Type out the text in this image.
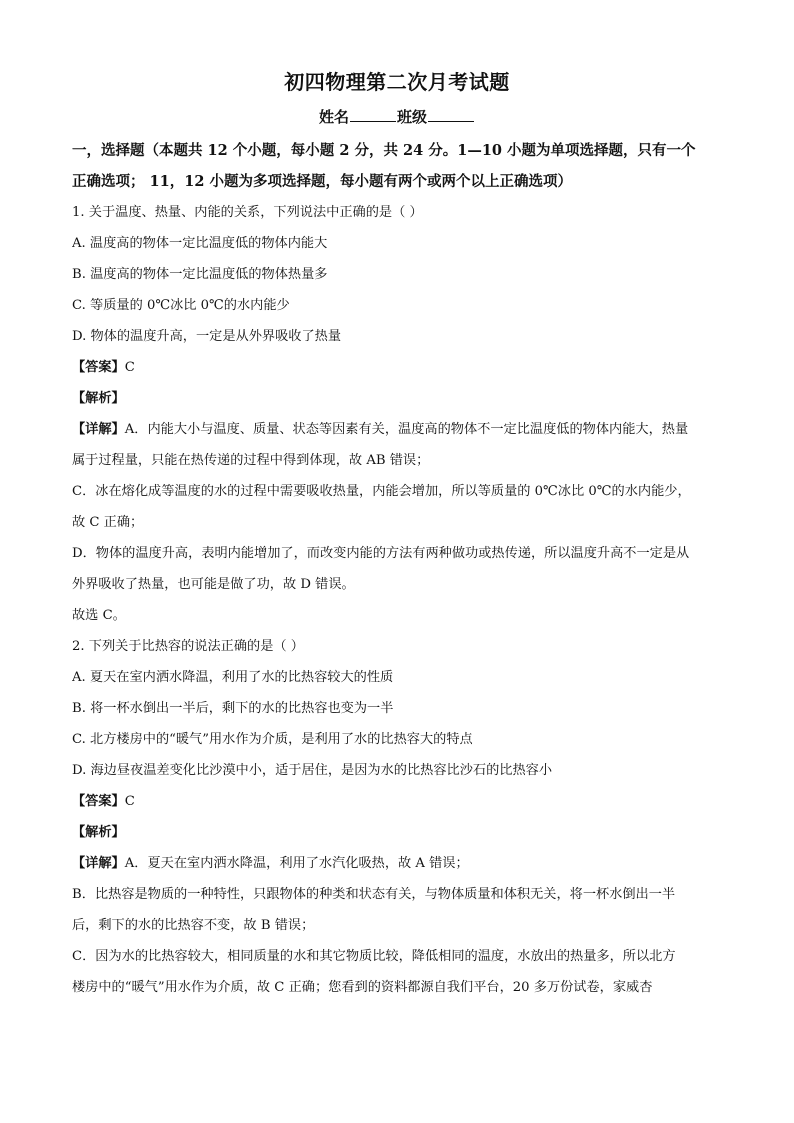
初四物理第二次月考试题
姓名	班级
一，选择题（本题共 12 个小题，每小题 2 分，共 24 分。1—10 小题为单项选择题，只有一个
正确选项； 11，12 小题为多项选择题，每小题有两个或两个以上正确选项）
1. 关于温度、热量、内能的关系，下列说法中正确的是（ ）
A. 温度高的物体一定比温度低的物体内能大
B. 温度高的物体一定比温度低的物体热量多
C. 等质量的 0℃冰比 0℃的水内能少
D. 物体的温度升高，一定是从外界吸收了热量
【答案】C
【解析】
【详解】A．内能大小与温度、质量、状态等因素有关，温度高的物体不一定比温度低的物体内能大，热量
属于过程量，只能在热传递的过程中得到体现，故 AB 错误；
C．冰在熔化成等温度的水的过程中需要吸收热量，内能会增加，所以等质量的 0℃冰比 0℃的水内能少，
故 C 正确；
D．物体的温度升高，表明内能增加了，而改变内能的方法有两种做功或热传递，所以温度升高不一定是从
外界吸收了热量，也可能是做了功，故 D 错误。
故选 C。
2. 下列关于比热容的说法正确的是（ ）
A. 夏天在室内洒水降温，利用了水的比热容较大的性质
B. 将一杯水倒出一半后，剩下的水的比热容也变为一半
C. 北方楼房中的“暖气”用水作为介质，是利用了水的比热容大的特点
D. 海边昼夜温差变化比沙漠中小，适于居住，是因为水的比热容比沙石的比热容小
【答案】C
【解析】
【详解】A．夏天在室内洒水降温，利用了水汽化吸热，故 A 错误；
B．比热容是物质的一种特性，只跟物体的种类和状态有关，与物体质量和体积无关，将一杯水倒出一半
后，剩下的水的比热容不变，故 B 错误；
C．因为水的比热容较大，相同质量的水和其它物质比较，降低相同的温度，水放出的热量多，所以北方
楼房中的“暖气”用水作为介质，故 C 正确；您看到的资料都源自我们平台，20 多万份试卷，家威杏
